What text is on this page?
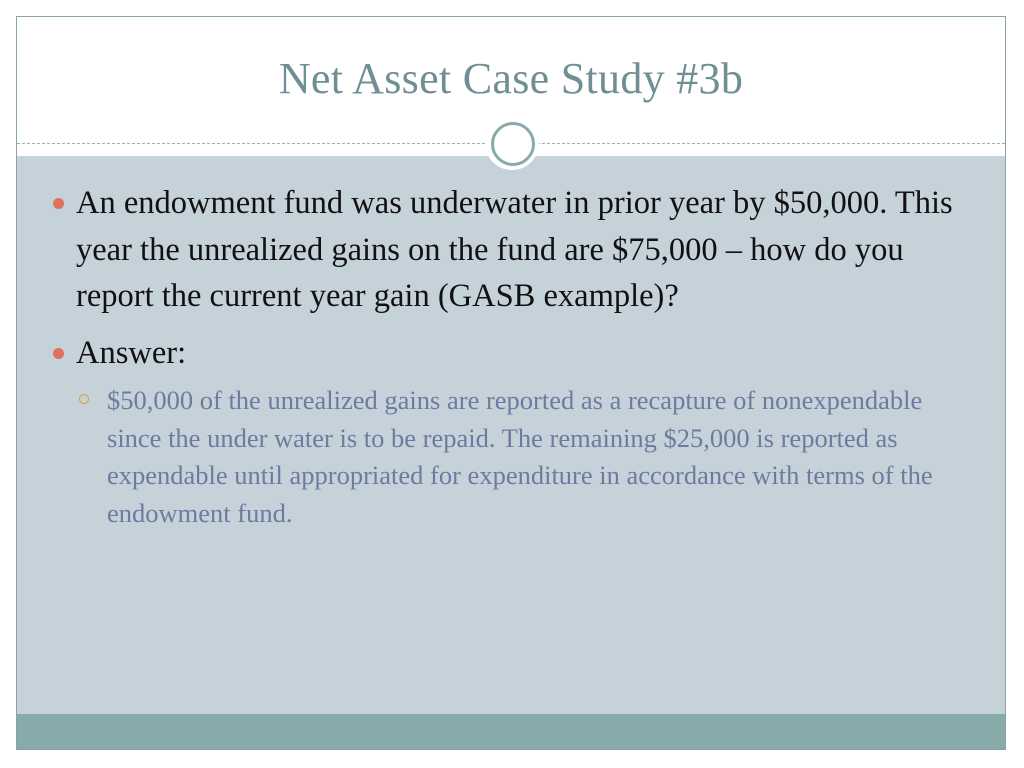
Net Asset Case Study #3b
An endowment fund was underwater in prior year by $50,000. This year the unrealized gains on the fund are $75,000 – how do you report the current year gain (GASB example)?
Answer:
$50,000 of the unrealized gains are reported as a recapture of nonexpendable since the under water is to be repaid. The remaining $25,000 is reported as expendable until appropriated for expenditure in accordance with terms of the endowment fund.
